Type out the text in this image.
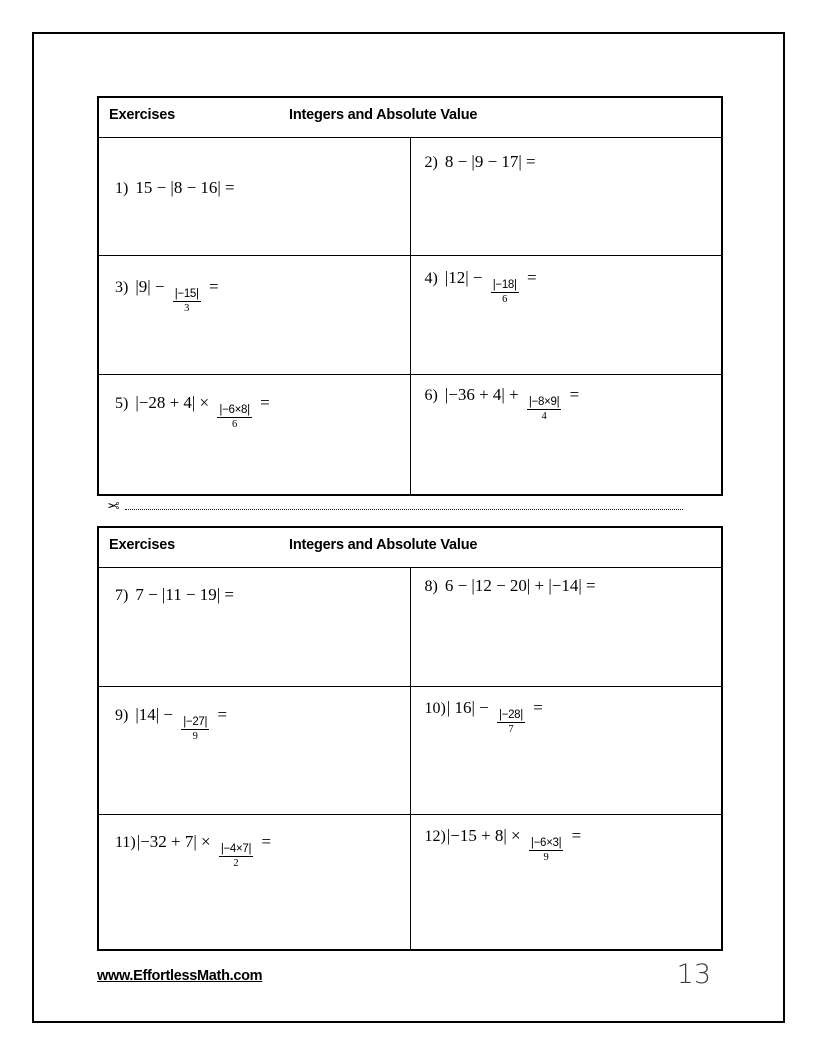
Exercises Integers and Absolute Value	

1) 15 − |8 − 16| =	2) 8 − |9 − 17| =

3) |9| −
$\frac{|-15|}{3}$
=	4) |12| −
$\frac{|-18|}{6}$
=

5) |−28 + 4| ×
$\frac{|-6\times 8|}{6}$
=	6) |−36 + 4| +
$\frac{|-8\times 9|}{4}$
=
✂
Exercises Integers and Absolute Value	

7) 7 − |11 − 19| =	8) 6 − |12 − 20| + |−14| =

9) |14| −
$\frac{|-27|}{9}$
=	10) | 16| −
$\frac{|-28|}{7}$
=

11) |−32 + 7| ×
$\frac{|-4\times 7|}{2}$
=	12) |−15 + 8| ×
$\frac{|-6\times 3|}{9}$
=
www.EffortlessMath.com	13
